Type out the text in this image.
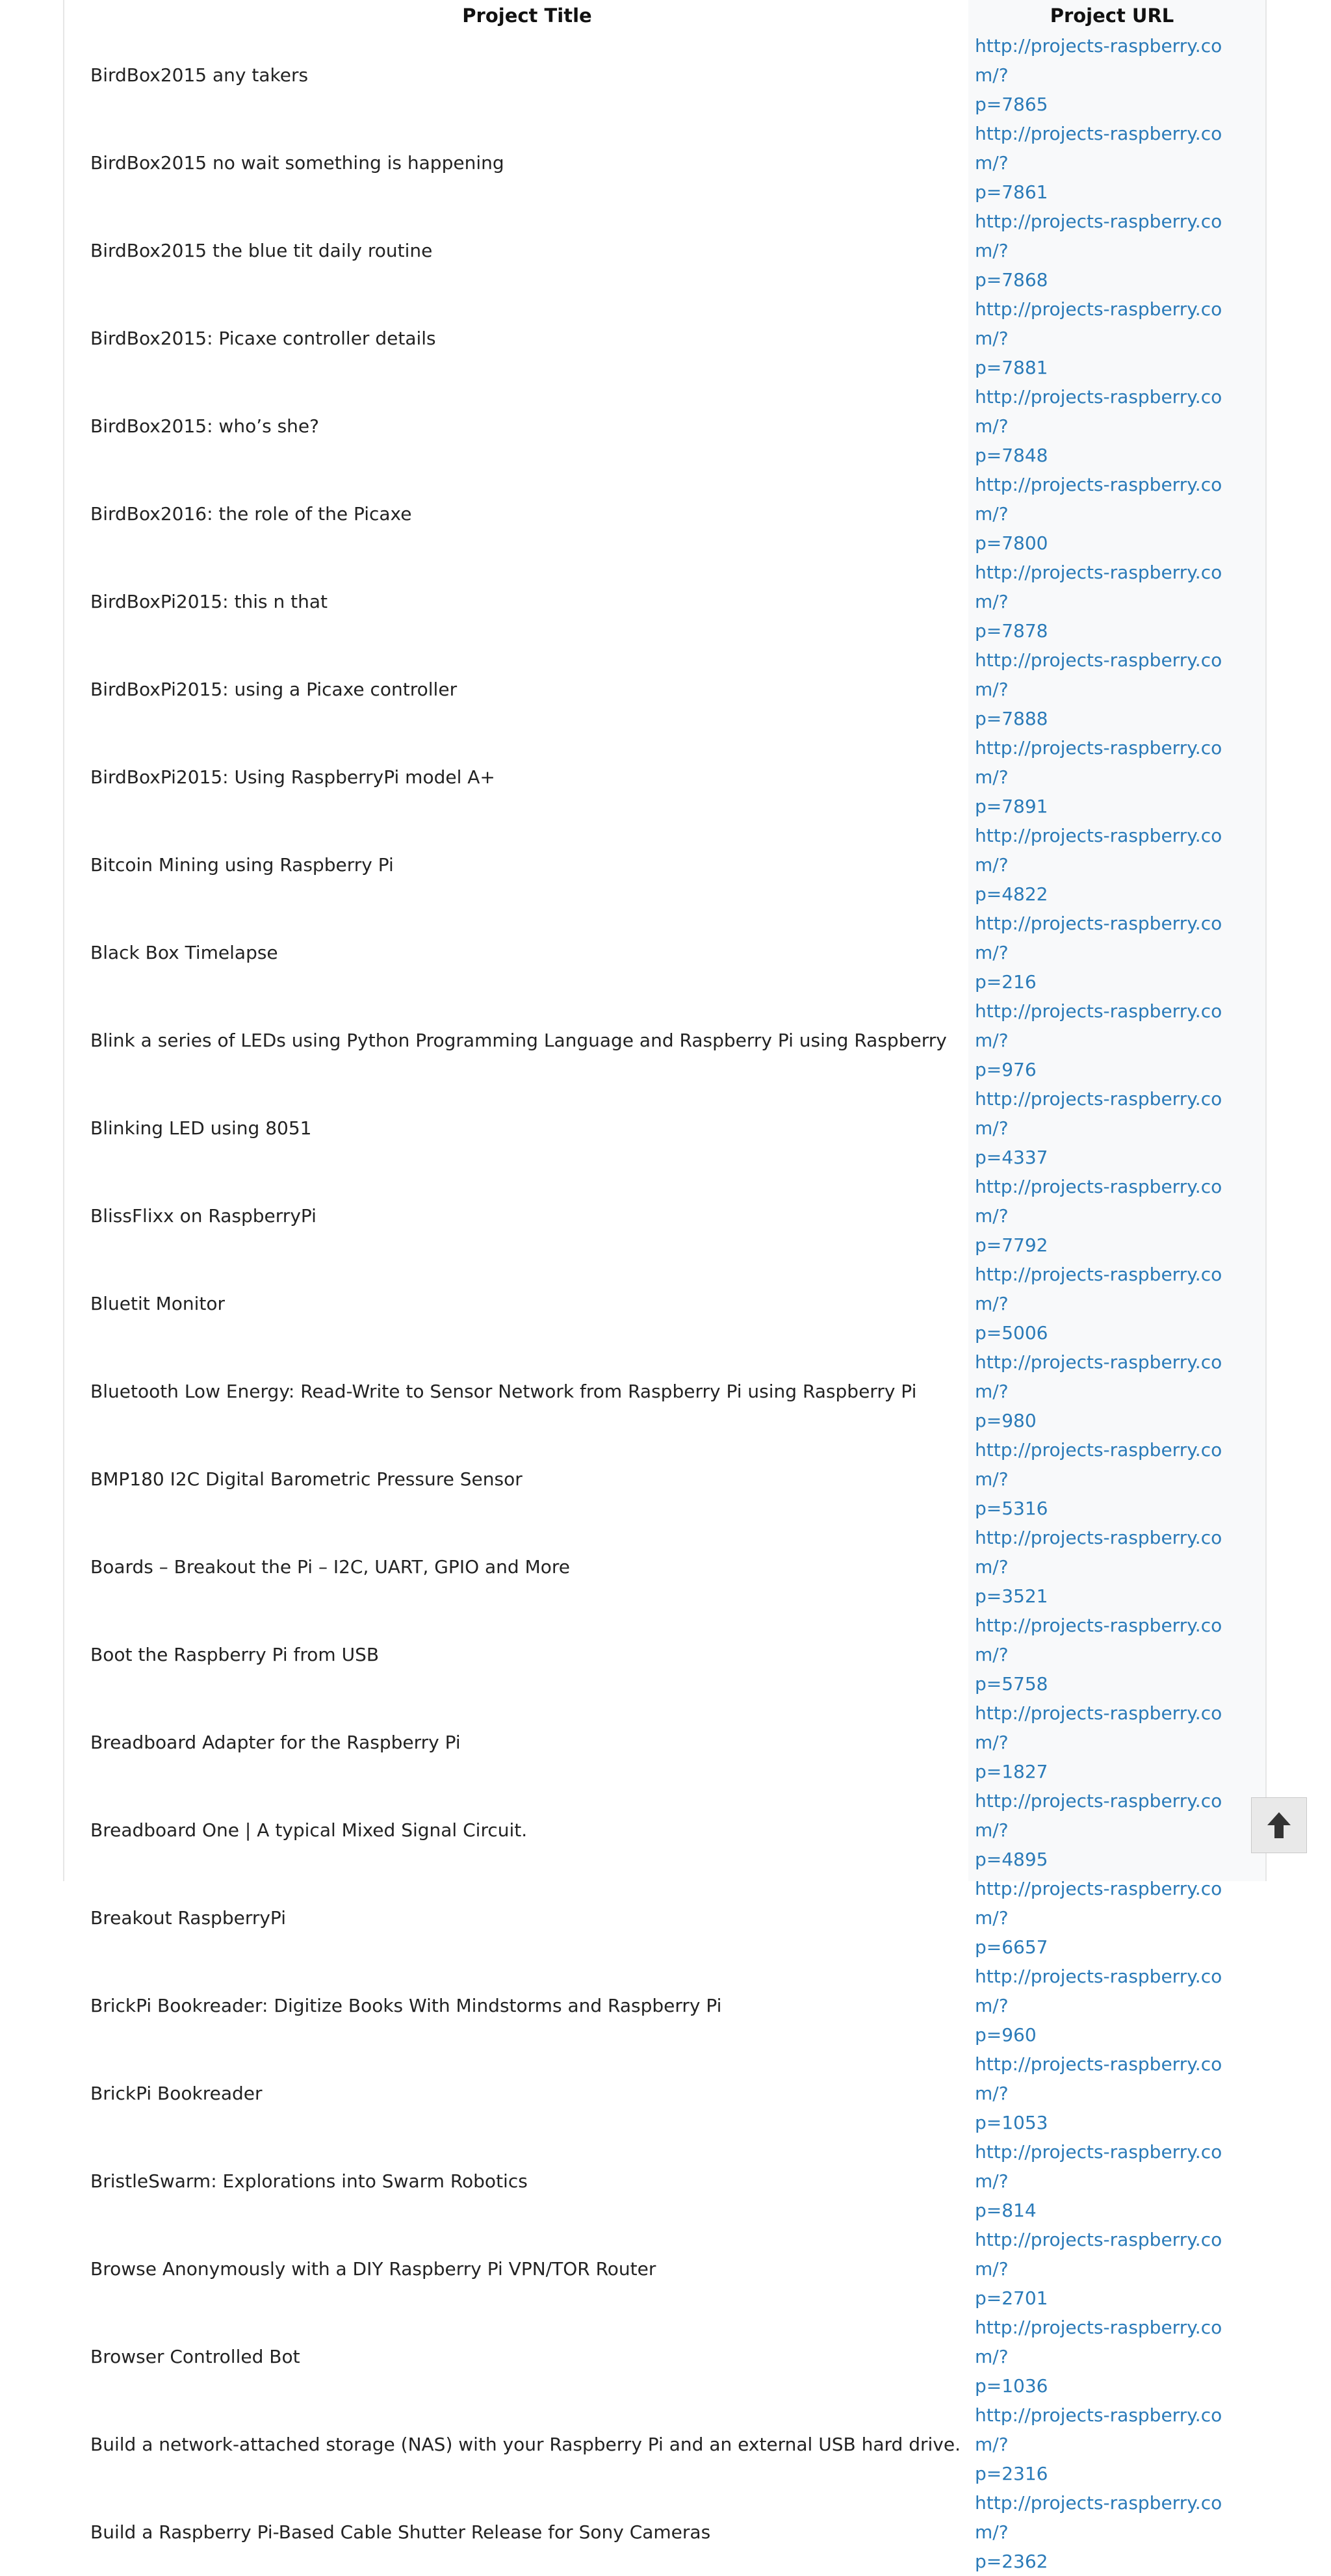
Project Title	Project URL
BirdBox2015 any takers	http://projects-raspberry.com/?
p=7865

BirdBox2015 no wait something is happening	http://projects-raspberry.com/?
p=7861

BirdBox2015 the blue tit daily routine	http://projects-raspberry.com/?
p=7868

BirdBox2015: Picaxe controller details	http://projects-raspberry.com/?
p=7881

BirdBox2015: who’s she?	http://projects-raspberry.com/?
p=7848

BirdBox2016: the role of the Picaxe	http://projects-raspberry.com/?
p=7800

BirdBoxPi2015: this n that	http://projects-raspberry.com/?
p=7878

BirdBoxPi2015: using a Picaxe controller	http://projects-raspberry.com/?
p=7888

BirdBoxPi2015: Using RaspberryPi model A+	http://projects-raspberry.com/?
p=7891

Bitcoin Mining using Raspberry Pi	http://projects-raspberry.com/?
p=4822

Black Box Timelapse	http://projects-raspberry.com/?
p=216

Blink a series of LEDs using Python Programming Language and Raspberry Pi using Raspberry	http://projects-raspberry.com/?
p=976

Blinking LED using 8051	http://projects-raspberry.com/?
p=4337

BlissFlixx on RaspberryPi	http://projects-raspberry.com/?
p=7792

Bluetit Monitor	http://projects-raspberry.com/?
p=5006

Bluetooth Low Energy: Read-Write to Sensor Network from Raspberry Pi using Raspberry Pi	http://projects-raspberry.com/?
p=980

BMP180 I2C Digital Barometric Pressure Sensor	http://projects-raspberry.com/?
p=5316

Boards – Breakout the Pi – I2C, UART, GPIO and More	http://projects-raspberry.com/?
p=3521

Boot the Raspberry Pi from USB	http://projects-raspberry.com/?
p=5758

Breadboard Adapter for the Raspberry Pi	http://projects-raspberry.com/?
p=1827

Breadboard One | A typical Mixed Signal Circuit.	http://projects-raspberry.com/?
p=4895

Breakout RaspberryPi	http://projects-raspberry.com/?
p=6657

BrickPi Bookreader: Digitize Books With Mindstorms and Raspberry Pi	http://projects-raspberry.com/?
p=960

BrickPi Bookreader	http://projects-raspberry.com/?
p=1053

BristleSwarm: Explorations into Swarm Robotics	http://projects-raspberry.com/?
p=814

Browse Anonymously with a DIY Raspberry Pi VPN/TOR Router	http://projects-raspberry.com/?
p=2701

Browser Controlled Bot	http://projects-raspberry.com/?
p=1036

Build a network-attached storage (NAS) with your Raspberry Pi and an external USB hard drive.	http://projects-raspberry.com/?
p=2316

Build a Raspberry Pi-Based Cable Shutter Release for Sony Cameras	http://projects-raspberry.com/?
p=2362
